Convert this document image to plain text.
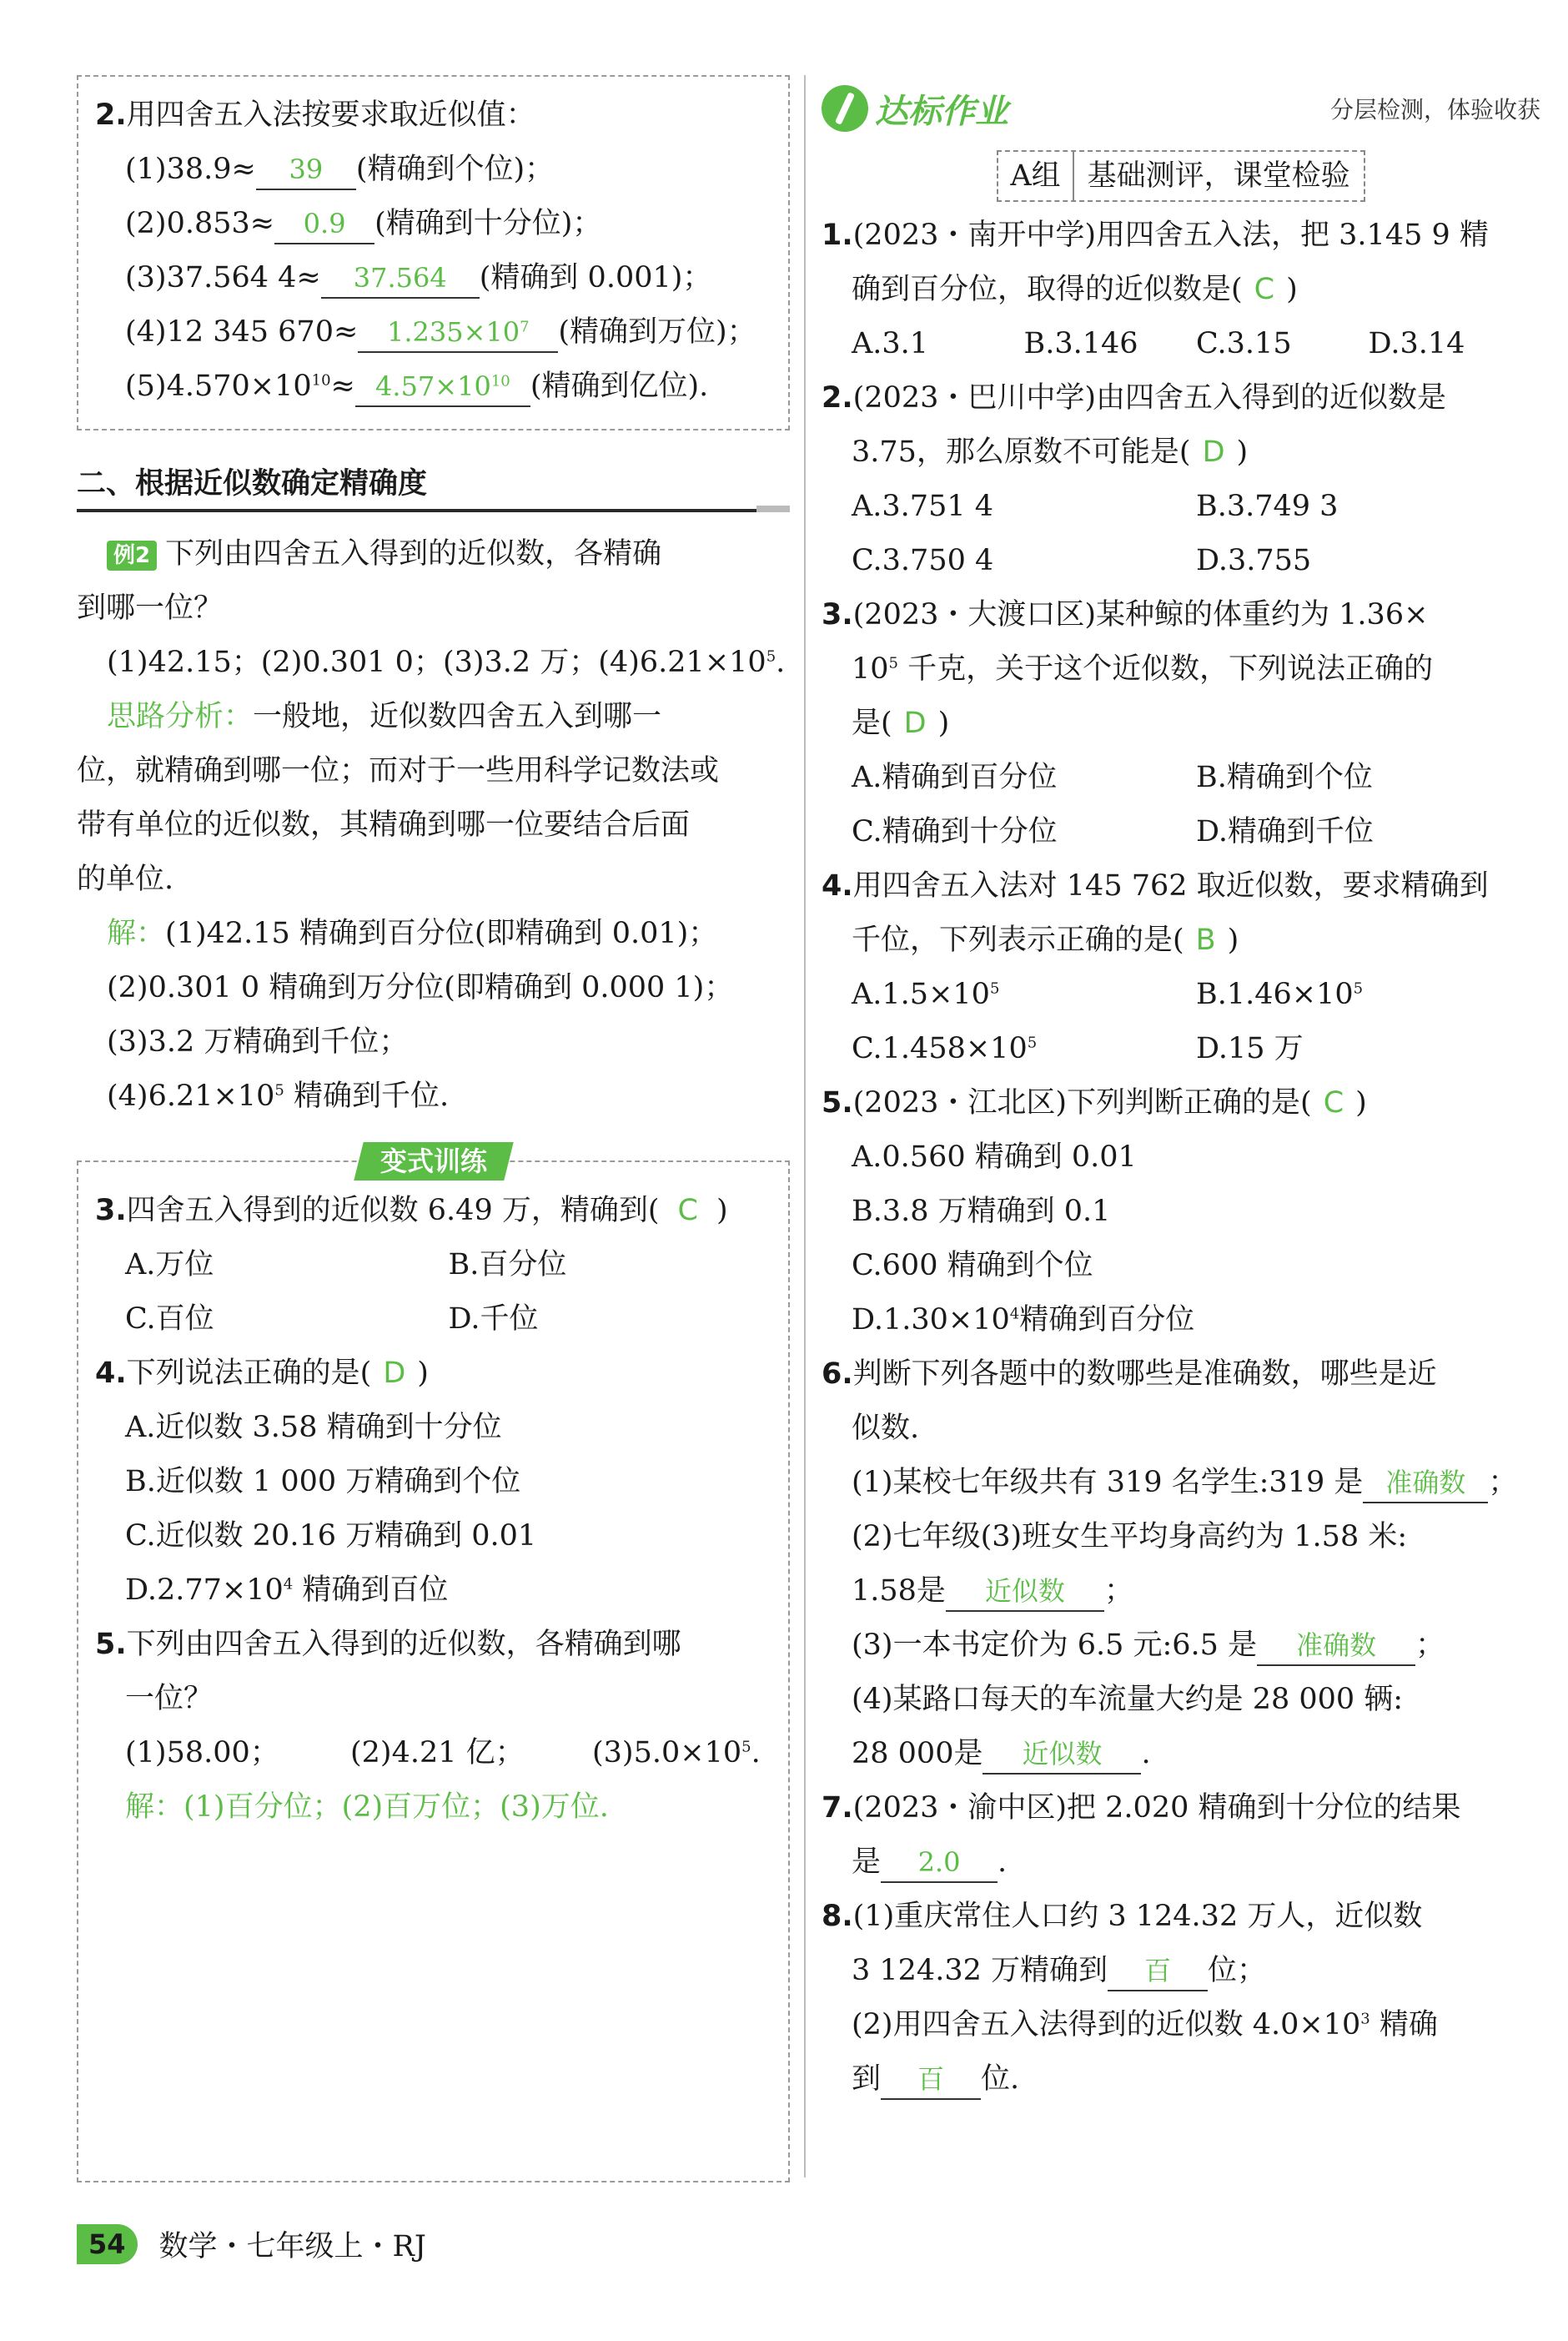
2.用四舍五入法按要求取近似值：
(1)38.9≈ 39 (精确到个位)；
(2)0.853≈ 0.9 (精确到十分位)；
(3)37.564 4≈ 37.564 (精确到 0.001)；
(4)12 345 $670\approx 1.235\times 10^7$ (精确到万位)；
$(5)4.570\times 10^{10}\approx 4.57\times 10^{10}$ (精确到亿位).
二、根据近似数确定精确度
例2 下列由四舍五入得到的近似数，各精确
到哪一位？
(1)42.15；(2)0.301 0；(3)3.2 万；$(4)6.21\times 10^5$.
思路分析：一般地，近似数四舍五入到哪一
位，就精确到哪一位；而对于一些用科学记数法或
带有单位的近似数，其精确到哪一位要结合后面
的单位.
解：(1)42.15 精确到百分位(即精确到 0.01)；
(2)0.301 0 精确到万分位(即精确到 0.000 1)；
(3)3.2 万精确到千位；
$(4)6.21\times 10^5$ 精确到千位.
变式训练
3.四舍五入得到的近似数 6.49 万，精确到( C )
A.万位	B.百分位
C.百位	D.千位
4.下列说法正确的是( D )
A.近似数 3.58 精确到十分位
B.近似数 1 000 万精确到个位
C.近似数 20.16 万精确到 0.01
$D.2.77\times 10^4$ 精确到百位
5.下列由四舍五入得到的近似数，各精确到哪
一位？
(1)58.00；	(2)4.21 亿；	$(3)5.0\times 10^5$.
解：(1)百分位；(2)百万位；(3)万位.
达标作业	分层检测，体验收获
A组 基础测评，课堂检验
1.(2023・南开中学)用四舍五入法，把 3.145 9 精
确到百分位，取得的近似数是( C )
A.3.1	B.3.146	C.3.15	D.3.14
2.(2023・巴川中学)由四舍五入得到的近似数是
3.75，那么原数不可能是( D )
A.3.751 4	B.3.749 3
C.3.750 4	D.3.755
3.(2023・大渡口区)某种鲸的体重约为 1.36×
$10^5$ 千克，关于这个近似数，下列说法正确的
是( D )
A.精确到百分位	B.精确到个位
C.精确到十分位	D.精确到千位
4.用四舍五入法对 145 762 取近似数，要求精确到
千位，下列表示正确的是( B )
$A.1.5\times 10^5$	$B.1.46\times 10^5$
$C.1.458\times 10^5$	D.15 万
5.(2023・江北区)下列判断正确的是( C )
A.0.560 精确到 0.01
B.3.8 万精确到 0.1
C.600 精确到个位
$D.1.30\times 10^4$精确到百分位
6.判断下列各题中的数哪些是准确数，哪些是近
似数.
(1)某校七年级共有 319 名学生:319 是 准确数 ；
(2)七年级(3)班女生平均身高约为 1.58 米:
1.58是 近似数 ；
(3)一本书定价为 6.5 元:6.5 是 准确数 ；
(4)某路口每天的车流量大约是 28 000 辆:
28 000是 近似数 .
7.(2023・渝中区)把 2.020 精确到十分位的结果
是 2.0 .
8.(1)重庆常住人口约 3 124.32 万人，近似数
3 124.32 万精确到 百 位；
(2)用四舍五入法得到的近似数 $4.0\times 10^3$ 精确
到 百 位.
54	数学・七年级上・RJ
